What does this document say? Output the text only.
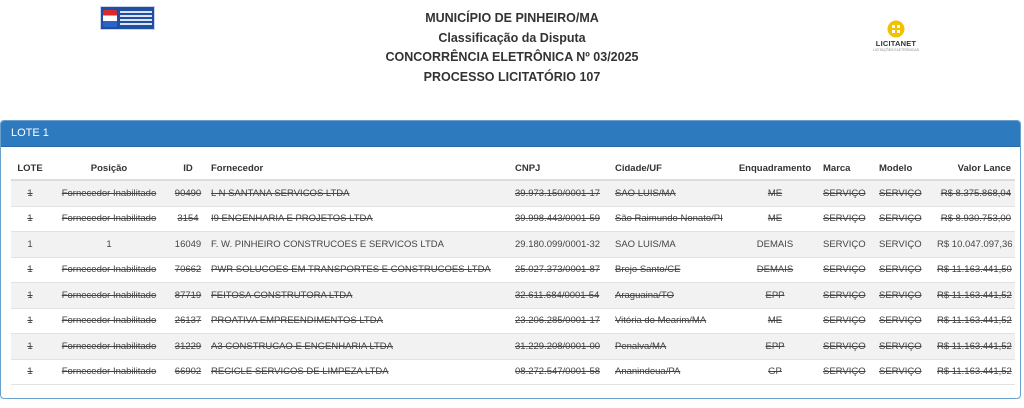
MUNICÍPIO DE PINHEIRO/MA
Classificação da Disputa
CONCORRÊNCIA ELETRÔNICA Nº 03/2025
PROCESSO LICITATÓRIO 107
LICITANET
LICITAÇÕES ELETRÔNICAS
LOTE 1
LOTE	Posição	ID	Fornecedor	CNPJ	Cidade/UF	Enquadramento	Marca	Modelo	Valor Lance
1	Fornecedor Inabilitado	90490	L N SANTANA SERVICOS LTDA	39.973.150/0001-17	SAO LUIS/MA	ME	SERVIÇO	SERVIÇO	R$ 8.375.868,04
1	Fornecedor Inabilitado	3154	I9 ENGENHARIA E PROJETOS LTDA	39.998.443/0001-59	São Raimundo Nonato/PI	ME	SERVIÇO	SERVIÇO	R$ 8.930.753,00
1	1	16049	F. W. PINHEIRO CONSTRUCOES E SERVICOS LTDA	29.180.099/0001-32	SAO LUIS/MA	DEMAIS	SERVIÇO	SERVIÇO	R$ 10.047.097,36
1	Fornecedor Inabilitado	70662	PWR SOLUCOES EM TRANSPORTES E CONSTRUCOES LTDA	25.027.373/0001-87	Brejo Santo/CE	DEMAIS	SERVIÇO	SERVIÇO	R$ 11.163.441,50
1	Fornecedor Inabilitado	87719	FEITOSA CONSTRUTORA LTDA	32.611.684/0001-54	Araguaina/TO	EPP	SERVIÇO	SERVIÇO	R$ 11.163.441,52
1	Fornecedor Inabilitado	26137	PROATIVA EMPREENDIMENTOS LTDA	23.206.285/0001-17	Vitória do Mearim/MA	ME	SERVIÇO	SERVIÇO	R$ 11.163.441,52
1	Fornecedor Inabilitado	31229	A3 CONSTRUCAO E ENGENHARIA LTDA	31.229.208/0001-00	Penalva/MA	EPP	SERVIÇO	SERVIÇO	R$ 11.163.441,52
1	Fornecedor Inabilitado	66902	RECICLE SERVICOS DE LIMPEZA LTDA	08.272.547/0001-58	Ananindeua/PA	GP	SERVIÇO	SERVIÇO	R$ 11.163.441,52
